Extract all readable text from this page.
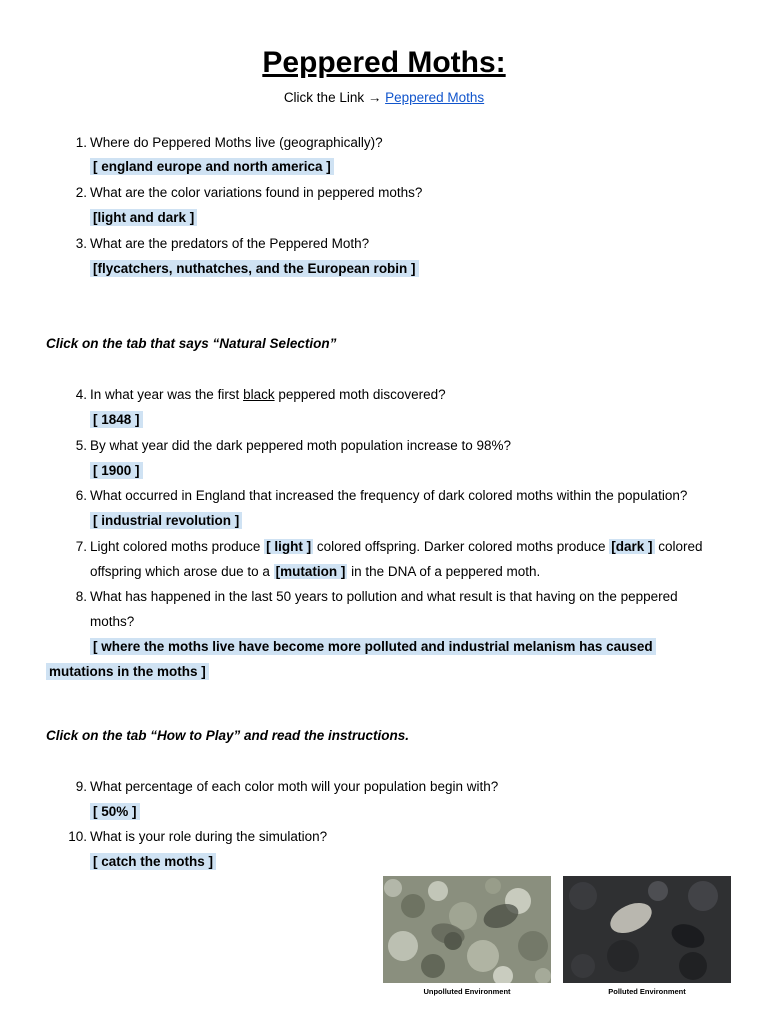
Peppered Moths:
Click the Link → Peppered Moths
1. Where do Peppered Moths live (geographically)?
[ england europe and north america ]
2. What are the color variations found in peppered moths?
[light and dark ]
3. What are the predators of the Peppered Moth?
[flycatchers, nuthatches, and the European robin ]
Click on the tab that says “Natural Selection”
4. In what year was the first black peppered moth discovered?
[ 1848 ]
5. By what year did the dark peppered moth population increase to 98%?
[ 1900 ]
6. What occurred in England that increased the frequency of dark colored moths within the population?
[ industrial revolution ]
7. Light colored moths produce [ light ] colored offspring. Darker colored moths produce [dark ] colored
offspring which arose due to a [mutation ] in the DNA of a peppered moth.
8. What has happened in the last 50 years to pollution and what result is that having on the peppered
moths?
[ where the moths live have become more polluted and industrial melanism has caused
mutations in the moths ]
Click on the tab “How to Play” and read the instructions.
9. What percentage of each color moth will your population begin with?
[ 50% ]
10. What is your role during the simulation?
[ catch the moths ]
Unpolluted Environment	Polluted Environment
